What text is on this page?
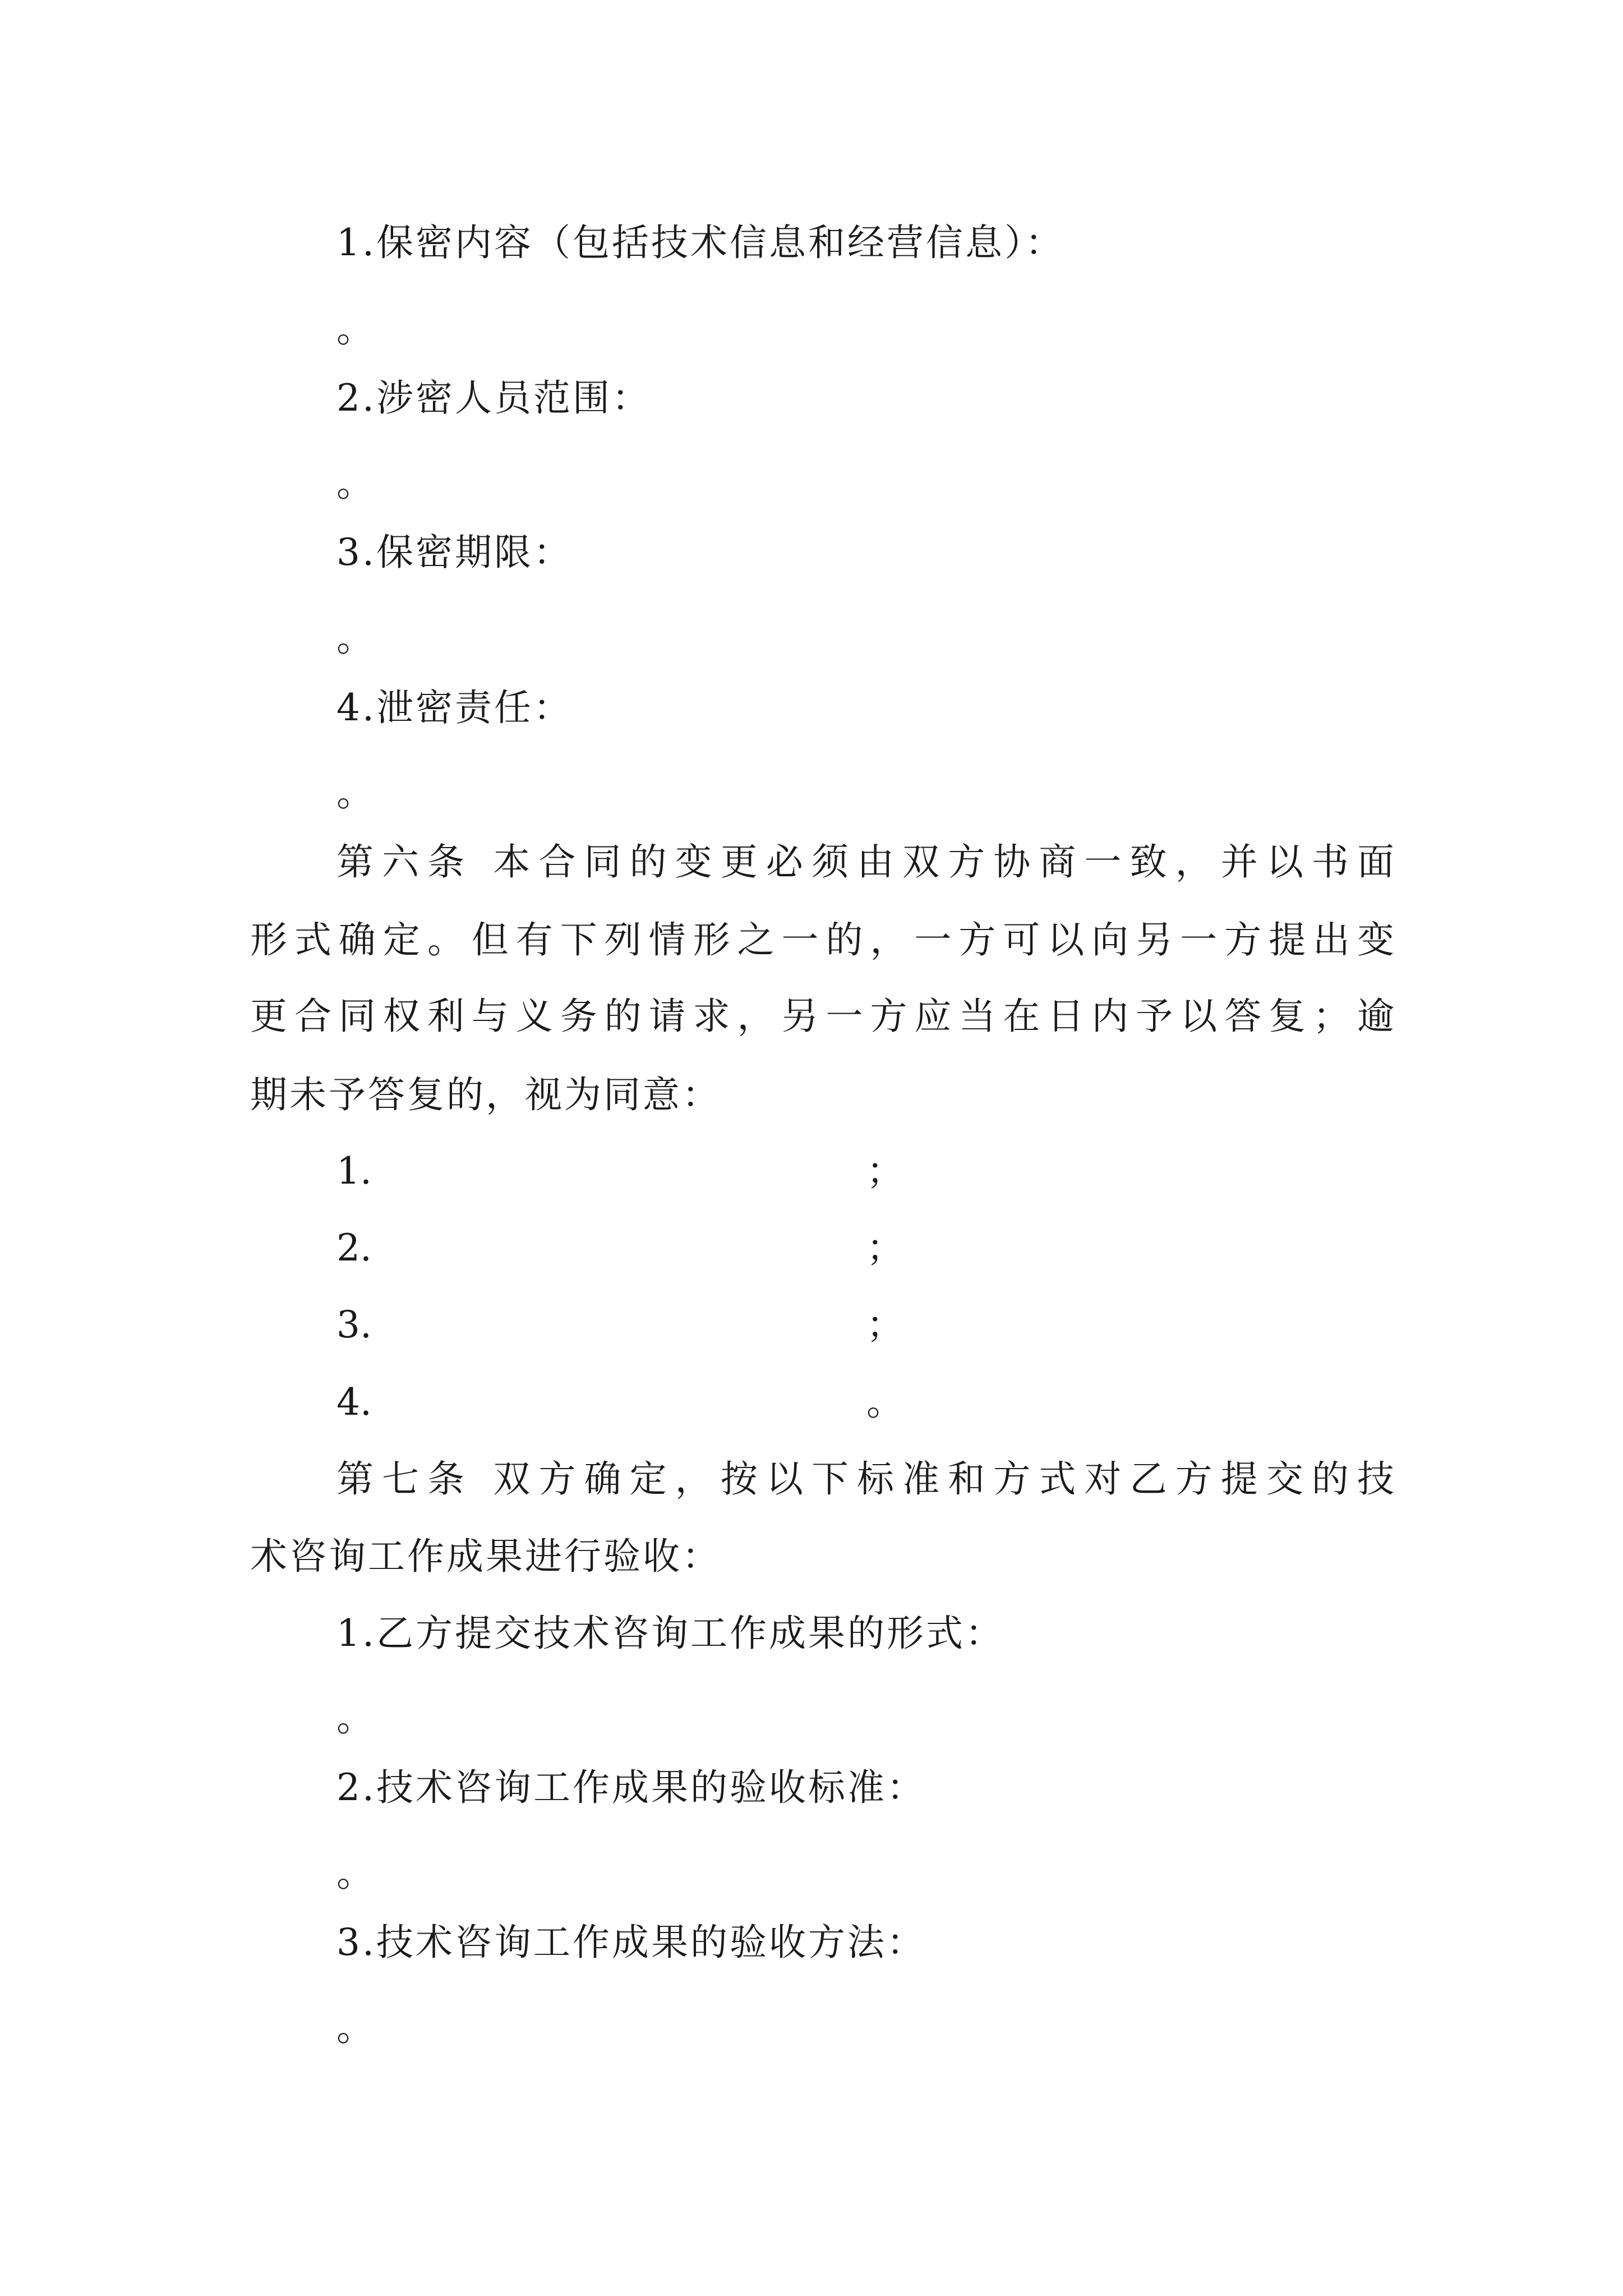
1.保密内容（包括技术信息和经营信息）：
。
2.涉密人员范围：
。
3.保密期限：
。
4.泄密责任：
。
第六条 本合同的变更必须由双方协商一致，并以书面
形式确定。但有下列情形之一的，一方可以向另一方提出变
更合同权利与义务的请求，另一方应当在日内予以答复；逾
期未予答复的，视为同意：
1.	；
2.	；
3.	；
4.	。
第七条 双方确定，按以下标准和方式对乙方提交的技
术咨询工作成果进行验收：
1.乙方提交技术咨询工作成果的形式：
。
2.技术咨询工作成果的验收标准：
。
3.技术咨询工作成果的验收方法：
。
